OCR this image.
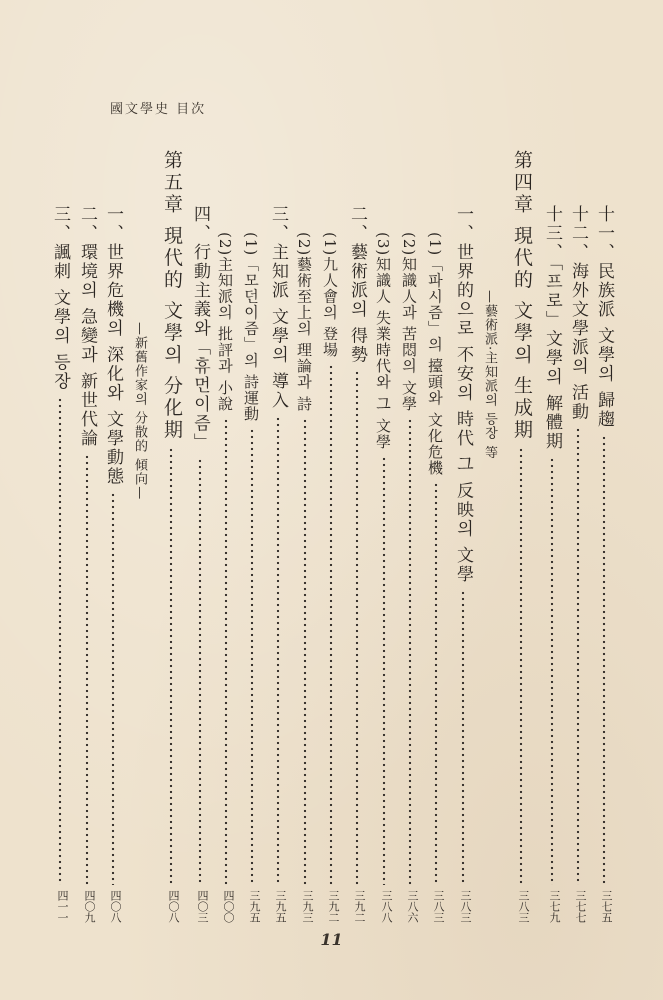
國文學史 目次
十一、民族派 文學의 歸趨
三七五
十二、海外文學派의 活動
三七七
十三、「프로」文學의 解體期
三七九
第四章 現代的 文學의 生成期
三八三
—藝術派·主知派의 등장 等
一、世界的으로 不安의 時代 그 反映의 文學
三八三
(1)「파시즘」의 擡頭와 文化危機
三八三
(2)知識人과 苦悶의 文學
三八六
(3)知識人 失業時代와 그 文學
三八八
二、藝術派의 得勢
三九二
(1)九人會의 登場
三九二
(2)藝術至上의 理論과 詩
三九三
三、主知派 文學의 導入
三九五
(1)「모던이즘」의 詩運動
三九五
(2)主知派의 批評과 小說
四〇〇
四、行動主義와「휴먼이즘」
四〇三
第五章 現代的 文學의 分化期
四〇八
—新舊作家의 分散的 傾向—
一、世界危機의 深化와 文學動態
四〇八
二、環境의 急變과 新世代論
四〇九
三、諷刺 文學의 등장
四一一
11
